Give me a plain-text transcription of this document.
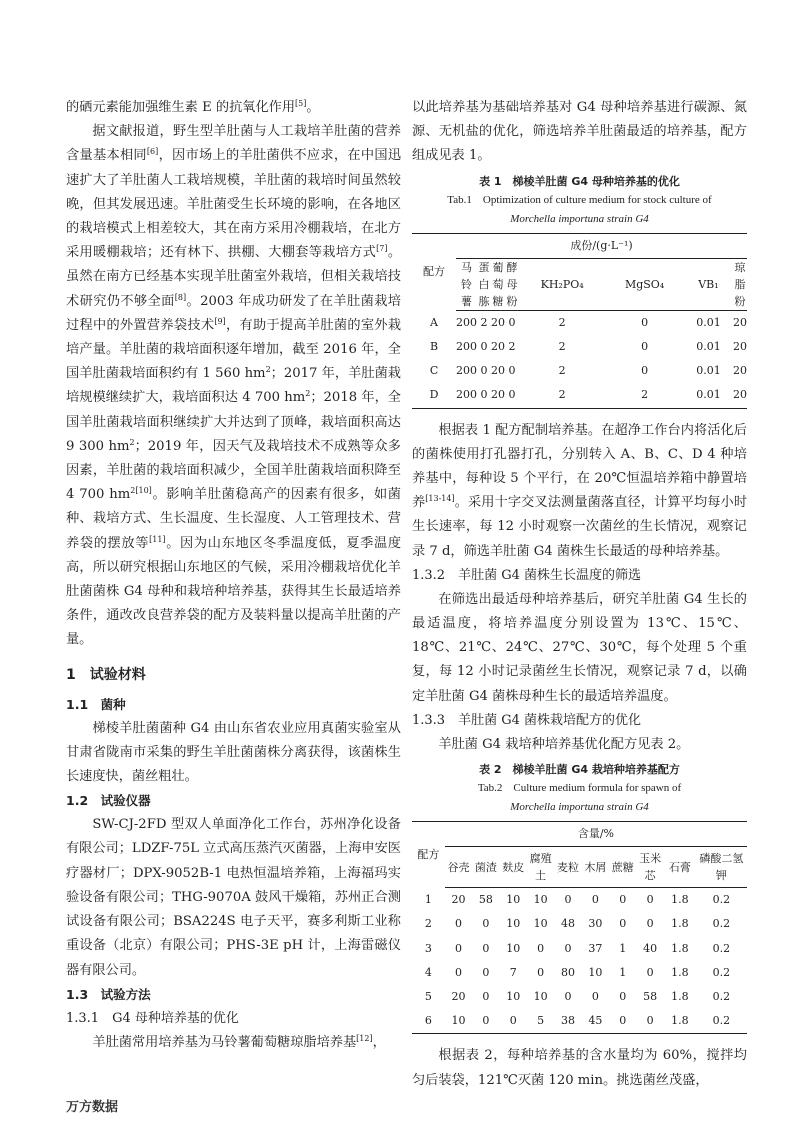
的硒元素能加强维生素 E 的抗氧化作用[5]。

据文献报道，野生型羊肚菌与人工栽培羊肚菌的营养含量基本相同[6]，因市场上的羊肚菌供不应求，在中国迅速扩大了羊肚菌人工栽培规模，羊肚菌的栽培时间虽然较晚，但其发展迅速。羊肚菌受生长环境的影响，在各地区的栽培模式上相差较大，其在南方采用冷棚栽培，在北方采用暖棚栽培；还有林下、拱棚、大棚套等栽培方式[7]。虽然在南方已经基本实现羊肚菌室外栽培，但相关栽培技术研究仍不够全面[8]。2003 年成功研发了在羊肚菌栽培过程中的外置营养袋技术[9]，有助于提高羊肚菌的室外栽培产量。羊肚菌的栽培面积逐年增加，截至 2016 年，全国羊肚菌栽培面积约有 1 560 $hm^2$；2017 年，羊肚菌栽培规模继续扩大，栽培面积达 4 700 $hm^2$；2018 年，全国羊肚菌栽培面积继续扩大并达到了顶峰，栽培面积高达 9 300 $hm^2$；2019 年，因天气及栽培技术不成熟等众多因素，羊肚菌的栽培面积减少，全国羊肚菌栽培面积降至 4 700 $hm^{2[10]}$。影响羊肚菌稳高产的因素有很多，如菌种、栽培方式、生长温度、生长湿度、人工管理技术、营养袋的摆放等[11]。因为山东地区冬季温度低，夏季温度高，所以研究根据山东地区的气候，采用冷棚栽培优化羊肚菌菌株 G4 母种和栽培种培养基，获得其生长最适培养条件，通改改良营养袋的配方及装料量以提高羊肚菌的产量。

1　试验材料
1.1　菌种

梯棱羊肚菌菌种 G4 由山东省农业应用真菌实验室从甘肃省陇南市采集的野生羊肚菌菌株分离获得，该菌株生长速度快，菌丝粗壮。

1.2　试验仪器

SW-CJ-2FD 型双人单面净化工作台，苏州净化设备有限公司；LDZF-75L 立式高压蒸汽灭菌器，上海申安医疗器材厂；DPX-9052B-1 电热恒温培养箱，上海福玛实验设备有限公司；THG-9070A 鼓风干燥箱，苏州正合测试设备有限公司；BSA224S 电子天平，赛多利斯工业称重设备（北京）有限公司；PHS-3E pH 计，上海雷磁仪器有限公司。

1.3　试验方法
1.3.1　G4 母种培养基的优化

羊肚菌常用培养基为马铃薯葡萄糖琼脂培养基[12]，

以此培养基为基础培养基对 G4 母种培养基进行碳源、氮源、无机盐的优化，筛选培养羊肚菌最适的培养基，配方组成见表 1。

表 1　梯棱羊肚菌 G4 母种培养基的优化
Tab.1　Optimization of culture medium for stock culture of
Morchella importuna strain G4
配方	成份/(g·L⁻¹)							
	马铃薯	蛋白胨	葡萄糖	酵母粉	KH₂PO₄	MgSO₄	VB₁	琼脂粉
A	200	2	20	0	2	0	0.01	20
B	200	0	20	2	2	0	0.01	20
C	200	0	20	0	2	0	0.01	20
D	200	0	20	0	2	2	0.01	20

根据表 1 配方配制培养基。在超净工作台内将活化后的菌株使用打孔器打孔，分别转入 A、B、C、D 4 种培养基中，每种设 5 个平行，在 20℃恒温培养箱中静置培养[13-14]。采用十字交叉法测量菌落直径，计算平均每小时生长速率，每 12 小时观察一次菌丝的生长情况，观察记录 7 d，筛选羊肚菌 G4 菌株生长最适的母种培养基。

1.3.2　羊肚菌 G4 菌株生长温度的筛选

在筛选出最适母种培养基后，研究羊肚菌 G4 生长的最适温度，将培养温度分别设置为 13℃、15℃、18℃、21℃、24℃、27℃、30℃，每个处理 5 个重复，每 12 小时记录菌丝生长情况，观察记录 7 d，以确定羊肚菌 G4 菌株母种生长的最适培养温度。

1.3.3　羊肚菌 G4 菌株栽培配方的优化

羊肚菌 G4 栽培种培养基优化配方见表 2。

表 2　梯棱羊肚菌 G4 栽培种培养基配方
Tab.2　Culture medium formula for spawn of
Morchella importuna strain G4
配方	含量/%									
	谷壳	菌渣	麸皮	腐殖土	麦粒	木屑	蔗糖	玉米芯	石膏	磷酸二氢钾
1	20	58	10	10	0	0	0	0	1.8	0.2
2	0	0	10	10	48	30	0	0	1.8	0.2
3	0	0	10	0	0	37	1	40	1.8	0.2
4	0	0	7	0	80	10	1	0	1.8	0.2
5	20	0	10	10	0	0	0	58	1.8	0.2
6	10	0	0	5	38	45	0	0	1.8	0.2

根据表 2，每种培养基的含水量均为 60%，搅拌均匀后装袋，121℃灭菌 120 min。挑选菌丝茂盛，

万方数据
